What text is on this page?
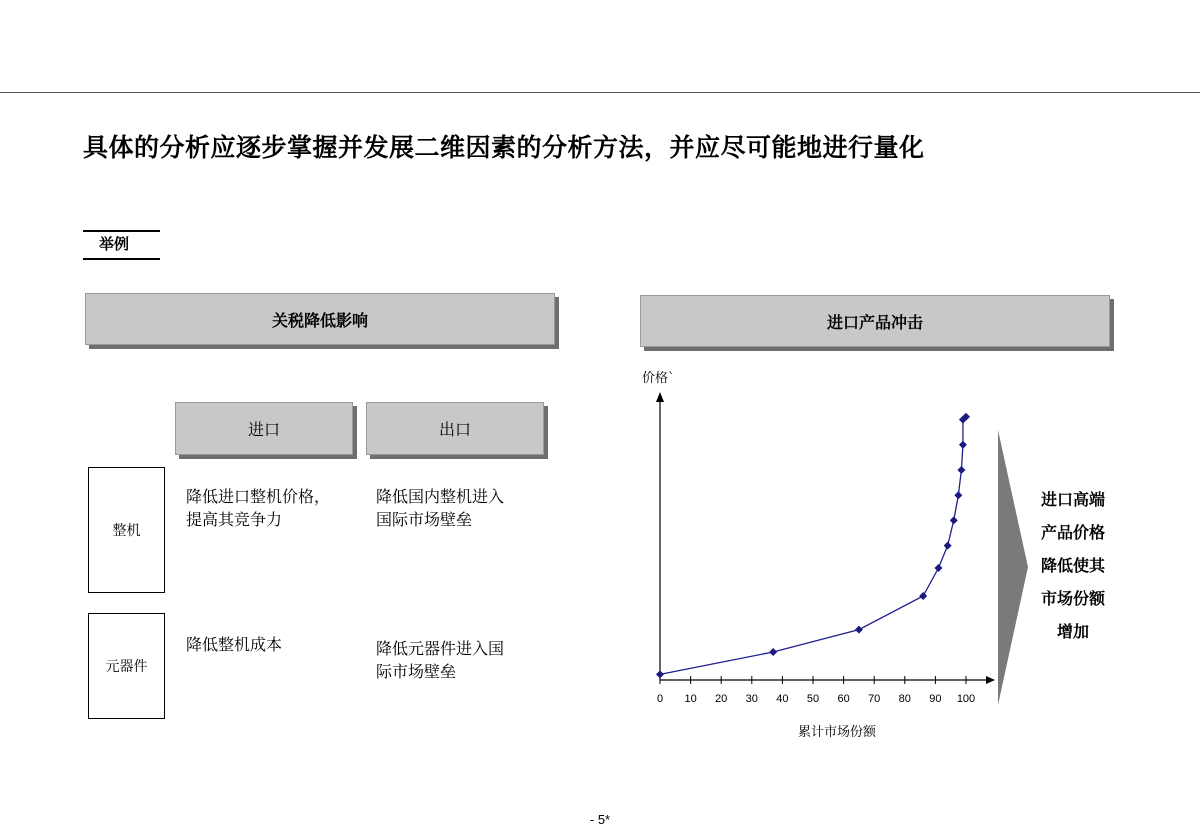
具体的分析应逐步掌握并发展二维因素的分析方法，并应尽可能地进行量化
举例
关税降低影响
进口	出口
整机
元器件
降低进口整机价格，
提高其竞争力
降低国内整机进入
国际市场壁垒
降低整机成本	降低元器件进入国
际市场壁垒
进口产品冲击
0 10 20 30 40 50 60 70 80 90 100
价格`
累计市场份额
进口高端
产品价格
降低使其
市场份额
增加
- 5*
